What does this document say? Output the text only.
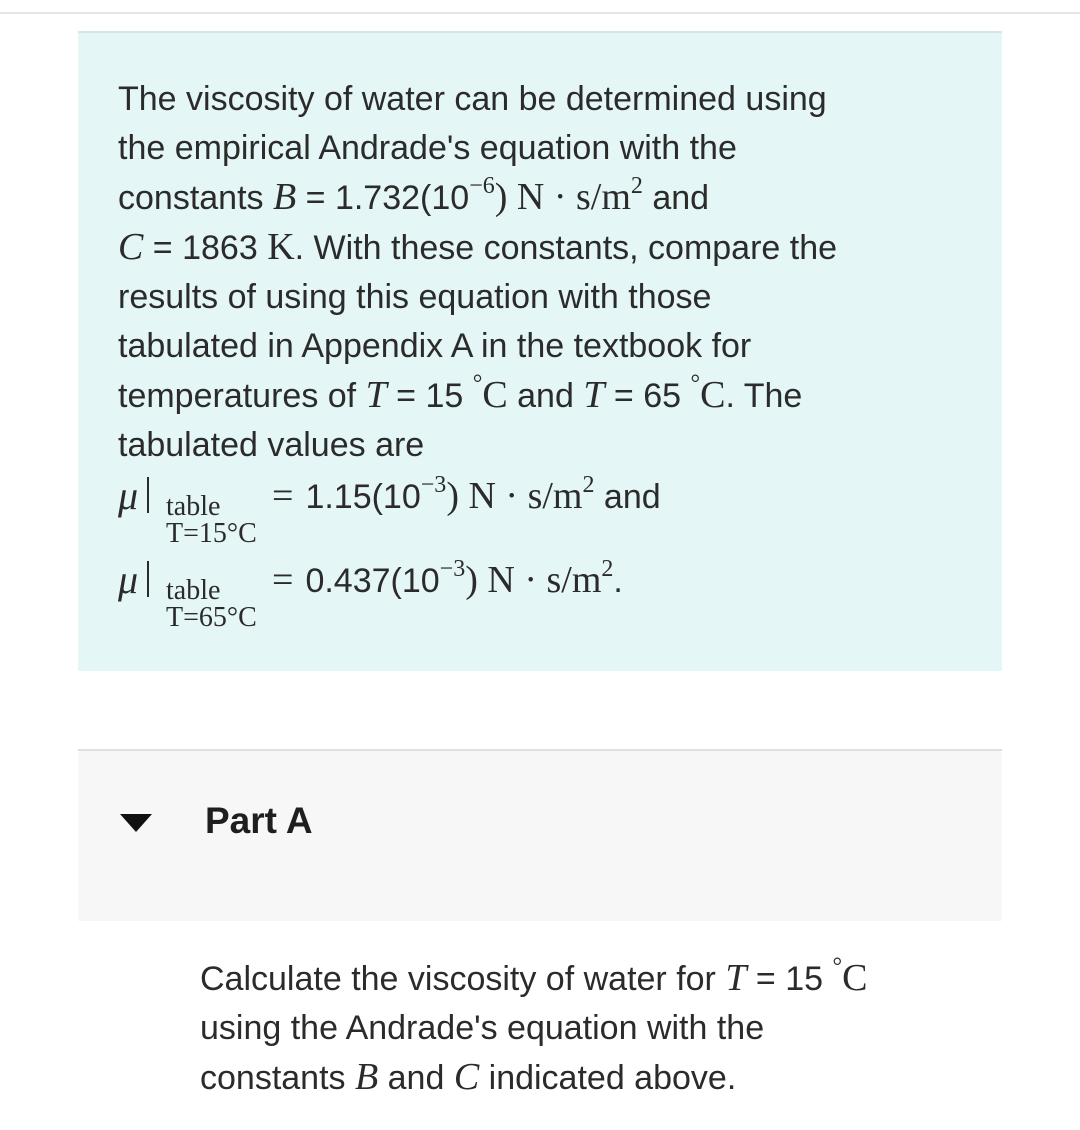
The viscosity of water can be determined using
the empirical Andrade's equation with the
constants $B = 1.732(10^{-6}) N \cdot s/m^2$ and
C = 1863 K. With these constants, compare the
results of using this equation with those
tabulated in Appendix A in the textbook for
temperatures of T = 15 °C and T = 65 °C. The
tabulated values are
μ table
T=15°C
= $1.15(10^{-3}) N \cdot s/m^2$ and
μ table
T=65°C
= $0.437(10^{-3}) N \cdot s/m^2$.
Part A
Calculate the viscosity of water for T = 15 °C
using the Andrade's equation with the
constants B and C indicated above.
